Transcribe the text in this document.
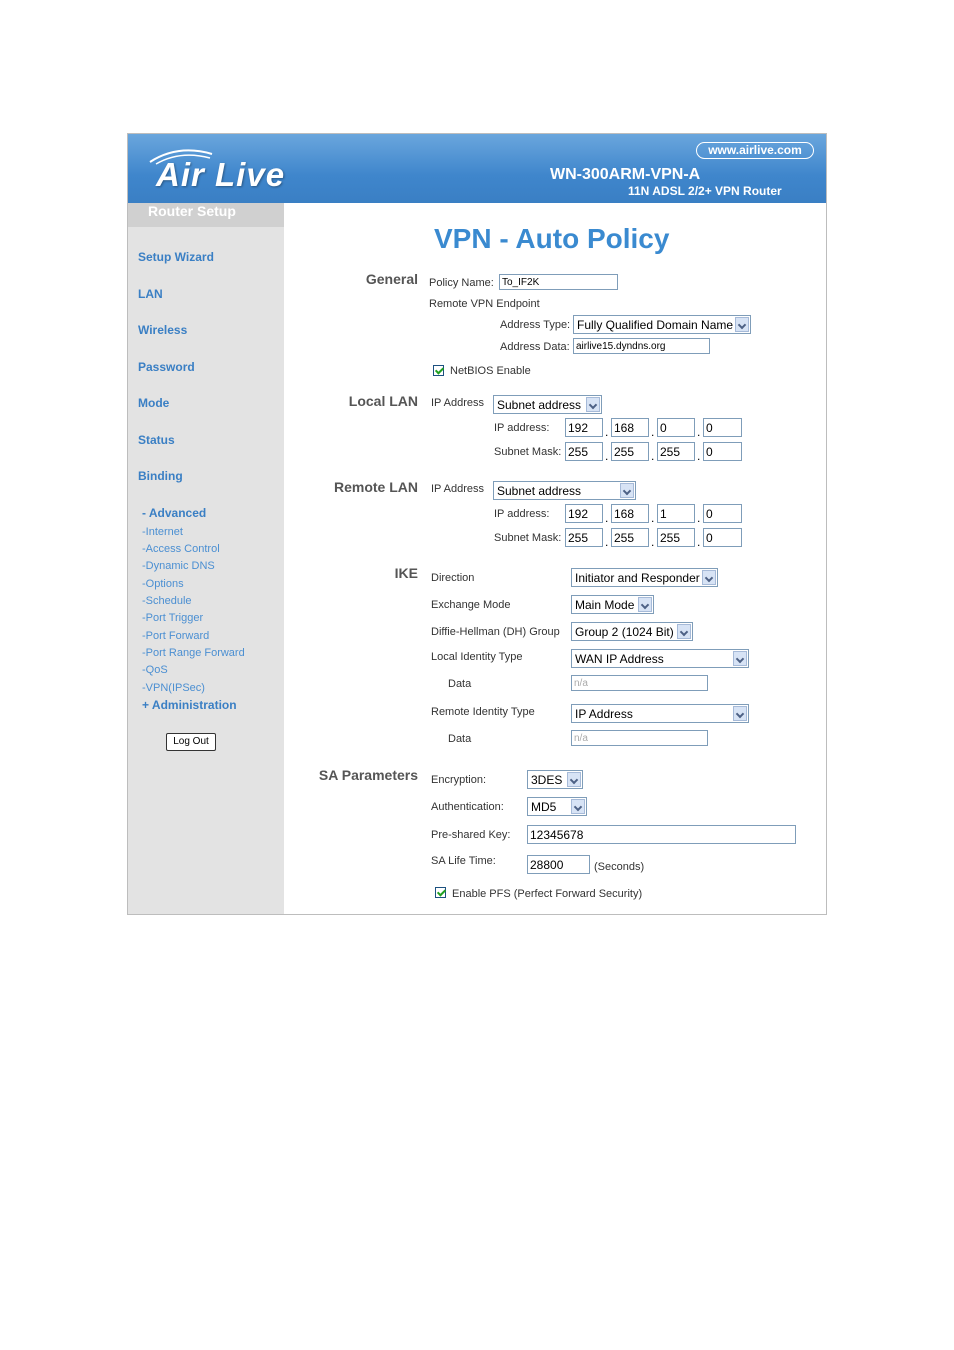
Air Live
www.airlive.com
WN-300ARM-VPN-A
11N ADSL 2/2+ VPN Router
Router Setup
Setup Wizard
LAN
Wireless
Password
Mode
Status
Binding
- Advanced
-Internet
-Access Control
-Dynamic DNS
-Options
-Schedule
-Port Trigger
-Port Forward
-Port Range Forward
-QoS
-VPN(IPSec)
+ Administration
Log Out
VPN - Auto Policy
General Policy Name: To_IF2K
Remote VPN Endpoint
Address Type: Fully Qualified Domain Name
Address Data: airlive15.dyndns.org
NetBIOS Enable
Local LAN IP Address	Subnet address
IP address: 192	. 168	. 0	. 0
Subnet Mask: 255	. 255	. 255	. 0
Remote LAN IP Address	Subnet address
IP address: 192	. 168	. 1	. 0
Subnet Mask: 255	. 255	. 255	. 0
IKE Direction	Initiator and Responder
Exchange Mode	Main Mode
Diffie-Hellman (DH) Group	Group 2 (1024 Bit)
Local Identity Type	WAN IP Address
Data	n/a
Remote Identity Type	IP Address
Data	n/a
SA Parameters Encryption:	3DES
Authentication:	MD5
Pre-shared Key: 12345678
SA Life Time:	28800	(Seconds)
Enable PFS (Perfect Forward Security)
